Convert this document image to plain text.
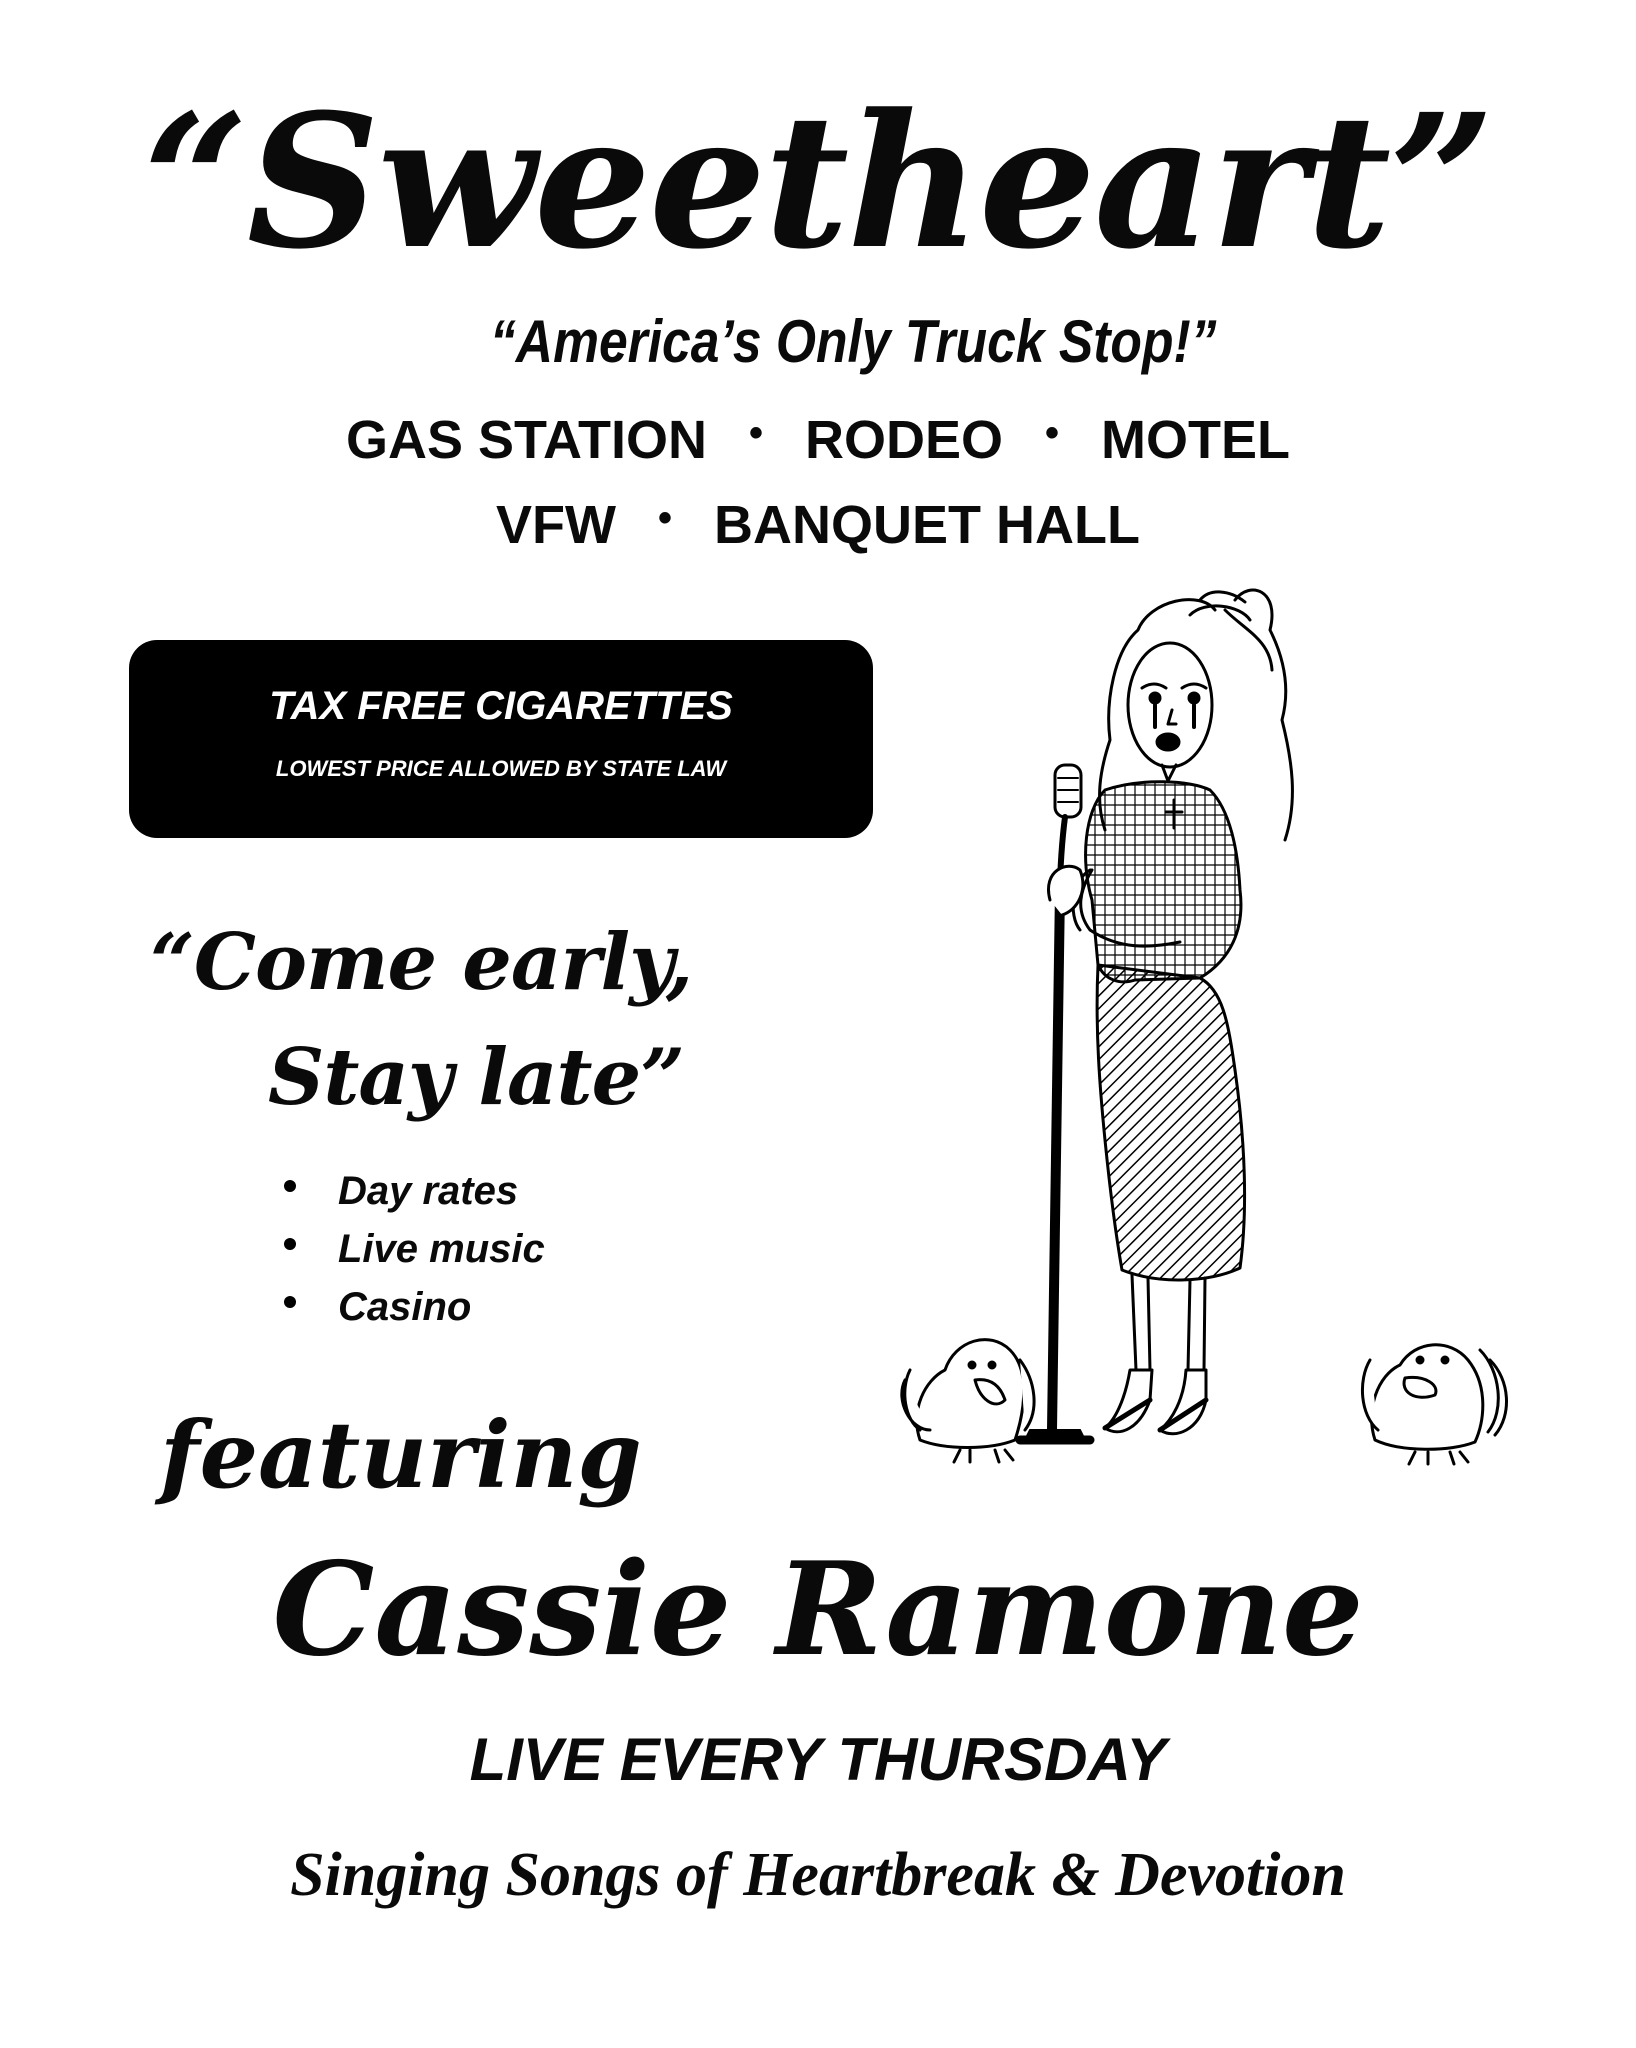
“Sweetheart”
“America’s Only Truck Stop!”
GAS STATION • RODEO • MOTEL
VFW • BANQUET HALL
TAX FREE CIGARETTES
LOWEST PRICE ALLOWED BY STATE LAW
“Come early,
Stay late”
Day rates
Live music
Casino
featuring
Cassie Ramone
LIVE EVERY THURSDAY
Singing Songs of Heartbreak & Devotion
